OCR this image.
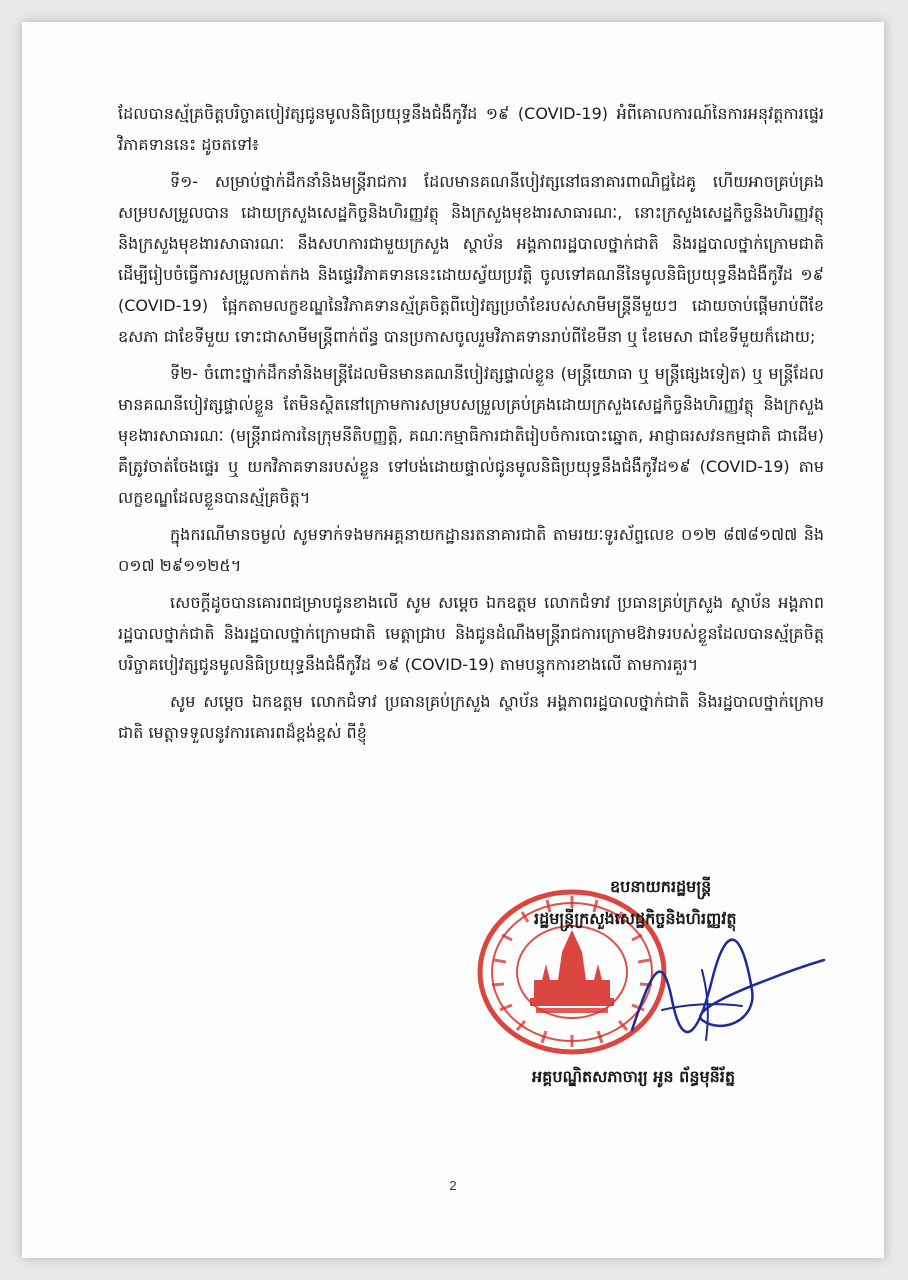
ដែលបានស្ម័គ្រចិត្តបរិច្ចាគបៀវត្សជូនមូលនិធិប្រយុទ្ធនឹងជំងឺកូវីដ ១៩ (COVID-19) អំពីគោលការណ៍នៃការអនុវត្តការផ្ទេរវិភាគទាននេះ ដូចតទៅ៖

ទី១- សម្រាប់ថ្នាក់ដឹកនាំនិងមន្ត្រីរាជការ ដែលមានគណនីបៀវត្សនៅធនាគារពាណិជ្ជដៃគូ ហើយអាចគ្រប់គ្រងសម្របសម្រួលបាន ដោយក្រសួងសេដ្ឋកិច្ចនិងហិរញ្ញវត្ថុ និងក្រសួងមុខងារសាធារណៈ, នោះក្រសួងសេដ្ឋកិច្ចនិងហិរញ្ញវត្ថុ និងក្រសួងមុខងារសាធារណៈ នឹងសហការជាមួយក្រសួង ស្ថាប័ន អង្គភាពរដ្ឋបាលថ្នាក់ជាតិ និងរដ្ឋបាលថ្នាក់ក្រោមជាតិ ដើម្បីរៀបចំធ្វើការសម្រួលកាត់កង និងផ្ទេរវិភាគទាននេះដោយស្វ័យប្រវត្តិ ចូលទៅគណនីនៃមូលនិធិប្រយុទ្ធនឹងជំងឺកូវីដ ១៩ (COVID-19) ផ្អែកតាមលក្ខខណ្ឌនៃវិភាគទានស្ម័គ្រចិត្តពីបៀវត្សប្រចាំខែរបស់សាមីមន្ត្រីនីមួយៗ ដោយចាប់ផ្តើមរាប់ពីខែឧសភា ជាខែទីមួយ ទោះជាសាមីមន្ត្រីពាក់ព័ន្ធ បានប្រកាសចូលរួមវិភាគទានរាប់ពីខែមីនា ឬ ខែមេសា ជាខែទីមួយក៏ដោយ;

ទី២- ចំពោះថ្នាក់ដឹកនាំនិងមន្ត្រីដែលមិនមានគណនីបៀវត្សផ្ទាល់ខ្លួន (មន្ត្រីយោធា ឬ មន្ត្រីផ្សេងទៀត) ឬ មន្ត្រីដែលមានគណនីបៀវត្សផ្ទាល់ខ្លួន តែមិនស្ថិតនៅក្រោមការសម្របសម្រួលគ្រប់គ្រងដោយក្រសួងសេដ្ឋកិច្ចនិងហិរញ្ញវត្ថុ និងក្រសួងមុខងារសាធារណៈ (មន្ត្រីរាជការនៃក្រុមនីតិបញ្ញត្តិ, គណៈកម្មាធិការជាតិរៀបចំការបោះឆ្នោត, អាជ្ញាធរសវនកម្មជាតិ ជាដើម) គឺត្រូវចាត់ចែងផ្ទេរ ឬ យកវិភាគទានរបស់ខ្លួន ទៅបង់ដោយផ្ទាល់ជូនមូលនិធិប្រយុទ្ធនឹងជំងឺកូវីដ១៩ (COVID-19) តាមលក្ខខណ្ឌដែលខ្លួនបានស្ម័គ្រចិត្ត។

ក្នុងករណីមានចម្ងល់ សូមទាក់ទងមកអគ្គនាយកដ្ឋានរតនាគារជាតិ តាមរយៈទូរស័ព្ទលេខ ០១២ ៨៧៨១៧៧ និង ០១៧ ២៩១១២៥។

សេចក្តីដូចបានគោរពជម្រាបជូនខាងលើ សូម សម្តេច ឯកឧត្តម លោកជំទាវ ប្រធានគ្រប់ក្រសួង ស្ថាប័ន អង្គភាពរដ្ឋបាលថ្នាក់ជាតិ និងរដ្ឋបាលថ្នាក់ក្រោមជាតិ មេត្តាជ្រាប និងជូនដំណឹងមន្ត្រីរាជការក្រោមឱវាទរបស់ខ្លួនដែលបានស្ម័គ្រចិត្តបរិច្ចាគបៀវត្សជូនមូលនិធិប្រយុទ្ធនឹងជំងឺកូវីដ ១៩ (COVID-19) តាមបន្ទុកការខាងលើ តាមការគួរ។

សូម សម្តេច ឯកឧត្តម លោកជំទាវ ប្រធានគ្រប់ក្រសួង ស្ថាប័ន អង្គភាពរដ្ឋបាលថ្នាក់ជាតិ និងរដ្ឋបាលថ្នាក់ក្រោមជាតិ មេត្តាទទួលនូវការគោរពដ៏ខ្ពង់ខ្ពស់ ពីខ្ញុំ

ឧបនាយករដ្ឋមន្ត្រី
រដ្ឋមន្ត្រីក្រសួងសេដ្ឋកិច្ចនិងហិរញ្ញវត្ថុ
អគ្គបណ្ឌិតសភាចារ្យ អូន ព័ន្ធមុនីរ័ត្ន
2
